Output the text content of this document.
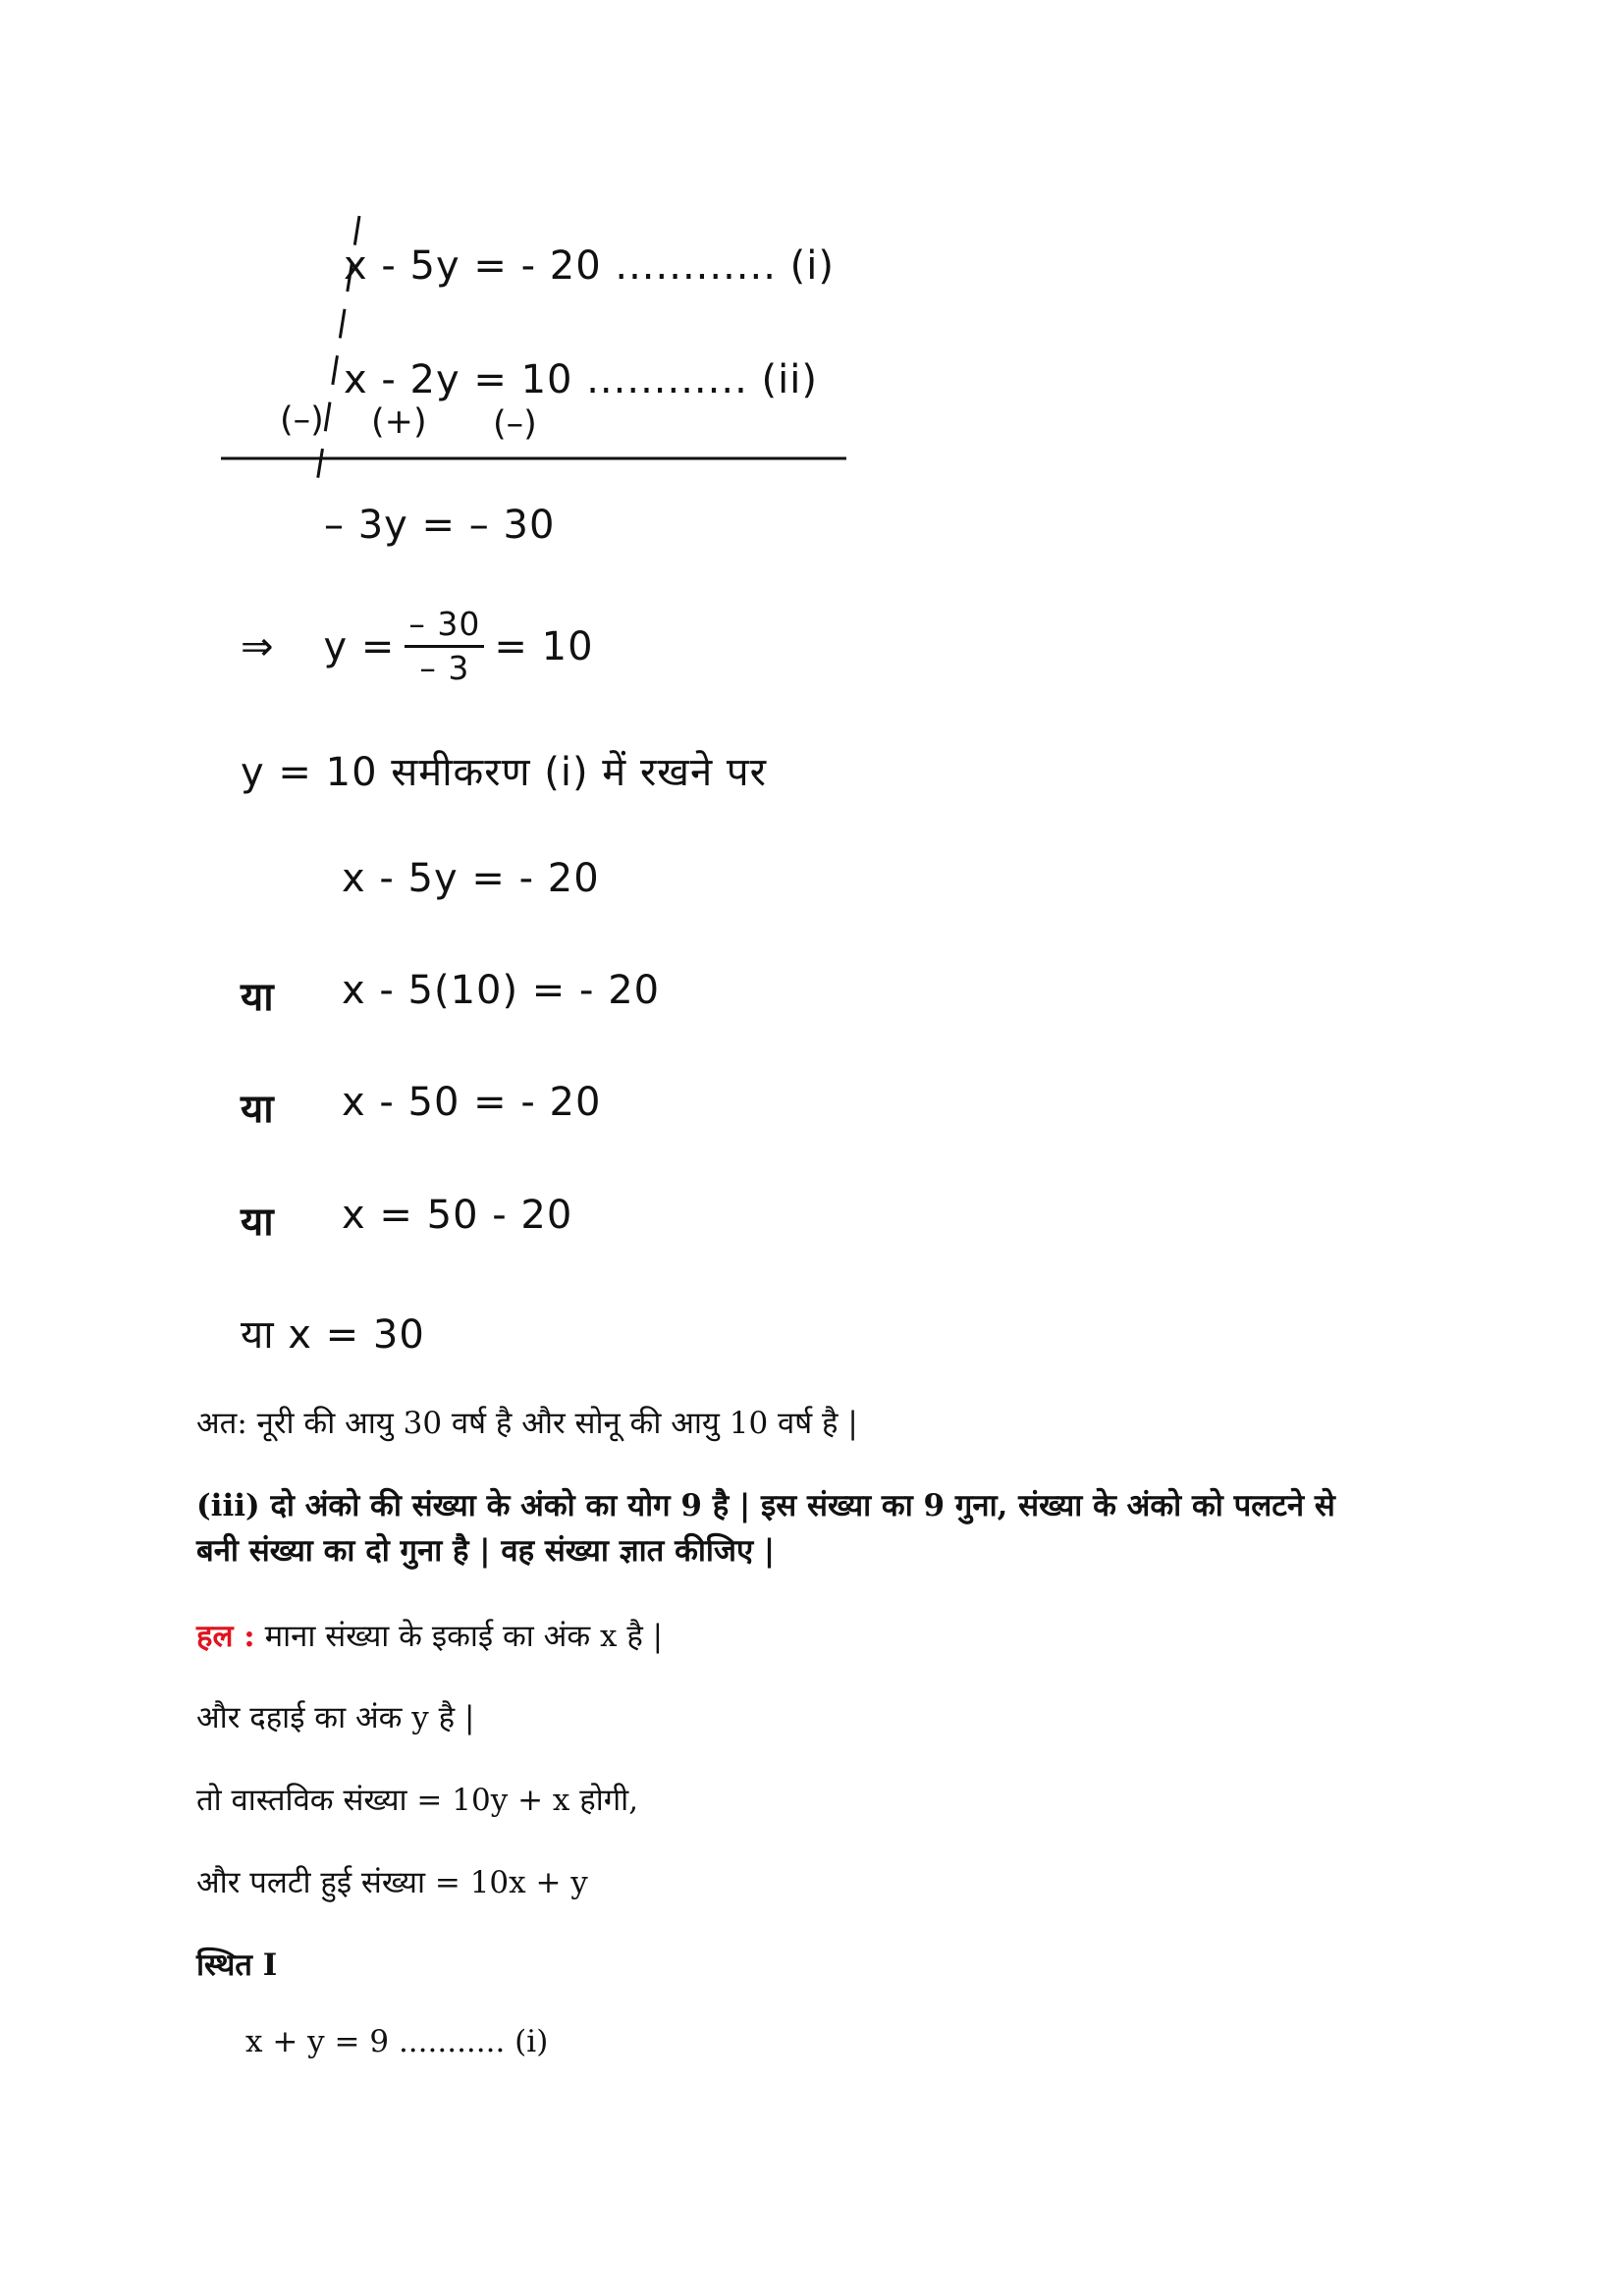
x - 5y = - 20 ............ (i)
x - 2y = 10 ............ (ii)
(–) (+) (–)
– 3y = – 30
⇒ $y = \frac{- 30}{- 3} = 10$
y = 10 समीकरण (i) में रखने पर
x - 5y = - 20
या x - 5(10) = - 20
या x - 50 = - 20
या x = 50 - 20
या x = 30
अत: नूरी की आयु 30 वर्ष है और सोनू की आयु 10 वर्ष है |
(iii) दो अंको की संख्या के अंको का योग 9 है | इस संख्या का 9 गुना, संख्या के अंको को पलटने से
बनी संख्या का दो गुना है | वह संख्या ज्ञात कीजिए |
हल : माना संख्या के इकाई का अंक x है |
और दहाई का अंक y है |
तो वास्तविक संख्या = 10y + x होगी,
और पलटी हुई संख्या = 10x + y
स्थित I
x + y = 9 ........... (i)
